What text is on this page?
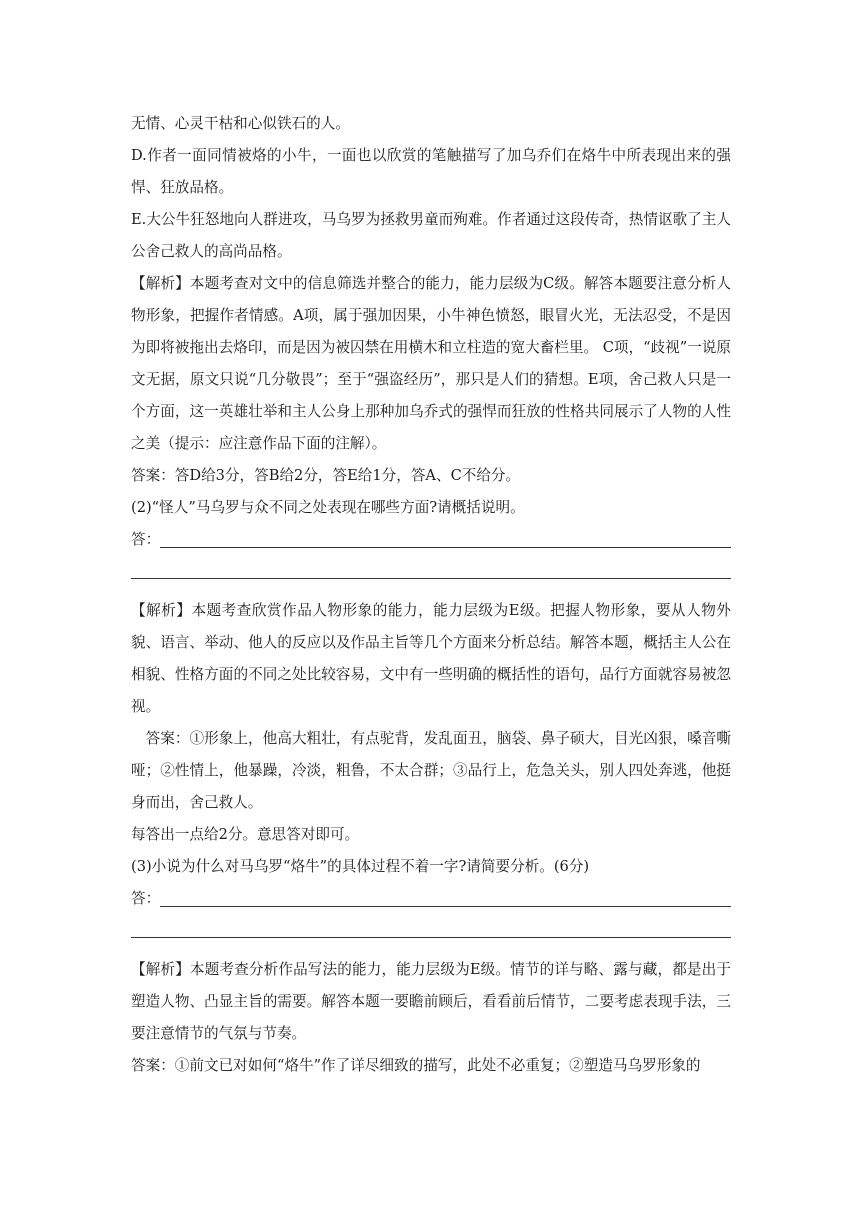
无情、心灵干枯和心似铁石的人。

D.作者一面同情被烙的小牛，一面也以欣赏的笔触描写了加乌乔们在烙牛中所表现出来的强悍、狂放品格。

E.大公牛狂怒地向人群进攻，马乌罗为拯救男童而殉难。作者通过这段传奇，热情讴歌了主人公舍己救人的高尚品格。

【解析】本题考查对文中的信息筛选并整合的能力，能力层级为C级。解答本题要注意分析人物形象，把握作者情感。A项，属于强加因果，小牛神色愤怒，眼冒火光，无法忍受，不是因为即将被拖出去烙印，而是因为被囚禁在用横木和立柱造的宽大畜栏里。 C项，“歧视”一说原文无据，原文只说“几分敬畏”；至于“强盗经历”，那只是人们的猜想。E项，舍己救人只是一个方面，这一英雄壮举和主人公身上那种加乌乔式的强悍而狂放的性格共同展示了人物的人性之美（提示：应注意作品下面的注解）。

答案：答D给3分，答B给2分，答E给1分，答A、C不给分。

(2)“怪人”马乌罗与众不同之处表现在哪些方面?请概括说明。

答：

【解析】本题考查欣赏作品人物形象的能力，能力层级为E级。把握人物形象，要从人物外貌、语言、举动、他人的反应以及作品主旨等几个方面来分析总结。解答本题，概括主人公在相貌、性格方面的不同之处比较容易，文中有一些明确的概括性的语句，品行方面就容易被忽视。

答案：①形象上，他高大粗壮，有点驼背，发乱面丑，脑袋、鼻子硕大，目光凶狠，嗓音嘶哑；②性情上，他暴躁，冷淡，粗鲁，不太合群；③品行上，危急关头，别人四处奔逃，他挺身而出，舍己救人。

每答出一点给2分。意思答对即可。

(3)小说为什么对马乌罗“烙牛”的具体过程不着一字?请简要分析。(6分)

答：

【解析】本题考查分析作品写法的能力，能力层级为E级。情节的详与略、露与藏，都是出于塑造人物、凸显主旨的需要。解答本题一要瞻前顾后，看看前后情节，二要考虑表现手法，三要注意情节的气氛与节奏。

答案：①前文已对如何“烙牛”作了详尽细致的描写，此处不必重复；②塑造马乌罗形象的
